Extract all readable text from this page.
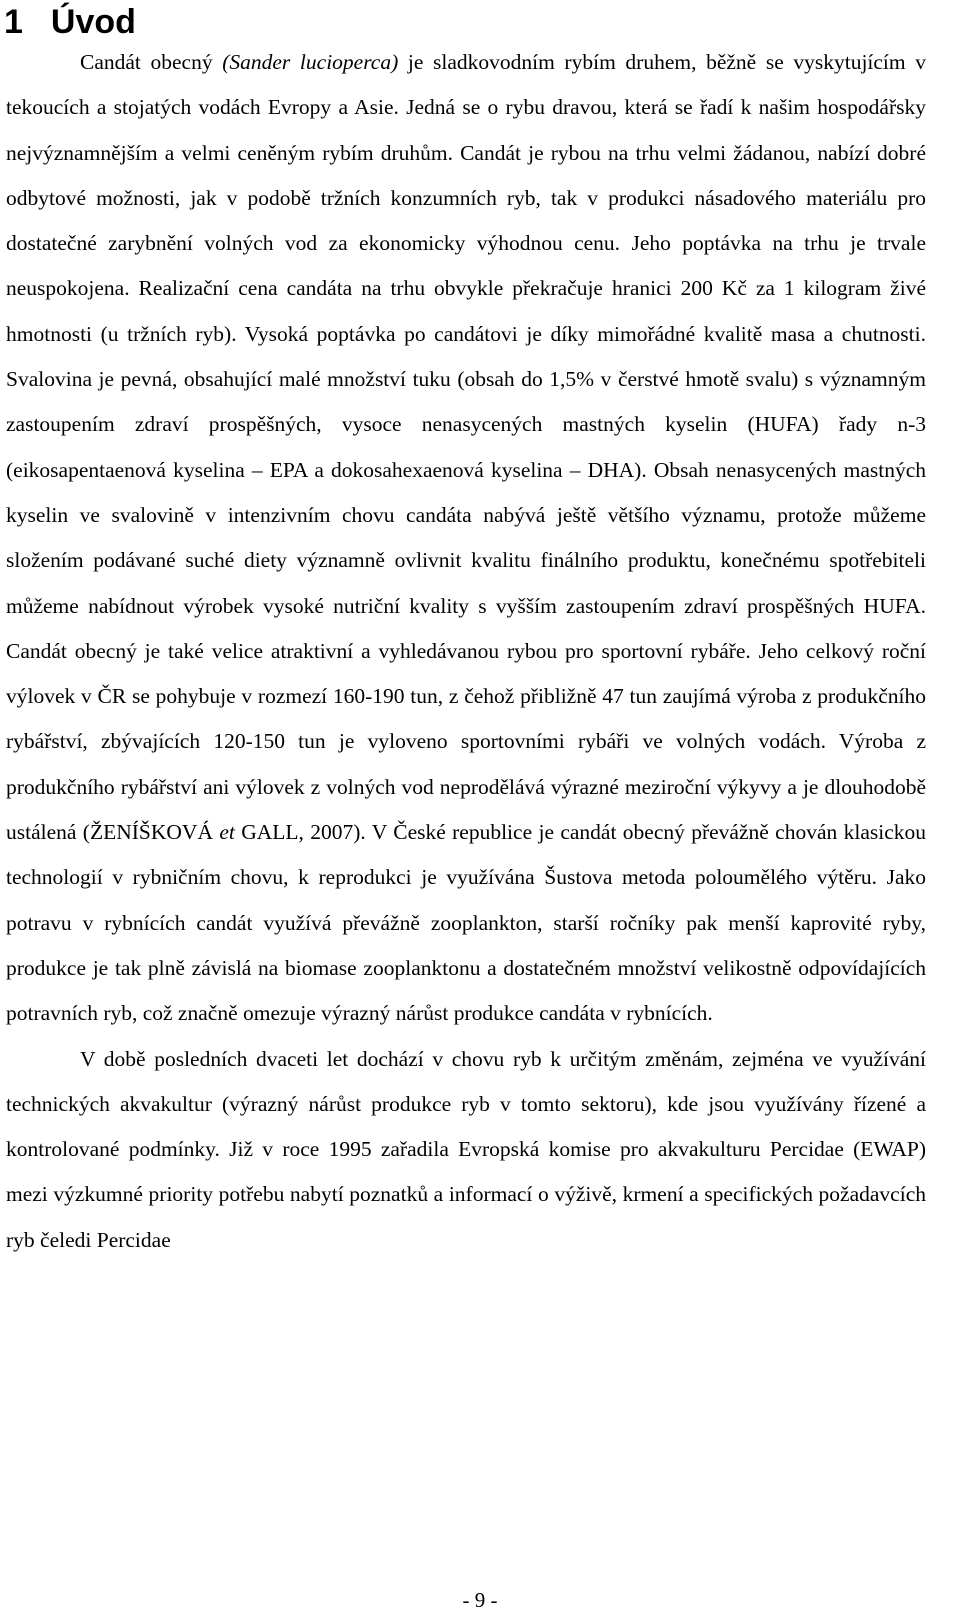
1 Úvod

Candát obecný (Sander lucioperca) je sladkovodním rybím druhem, běžně se vyskytujícím v tekoucích a stojatých vodách Evropy a Asie. Jedná se o rybu dravou, která se řadí k našim hospodářsky nejvýznamnějším a velmi ceněným rybím druhům. Candát je rybou na trhu velmi žádanou, nabízí dobré odbytové možnosti, jak v podobě tržních konzumních ryb, tak v produkci násadového materiálu pro dostatečné zarybnění volných vod za ekonomicky výhodnou cenu. Jeho poptávka na trhu je trvale neuspokojena. Realizační cena candáta na trhu obvykle překračuje hranici 200 Kč za 1 kilogram živé hmotnosti (u tržních ryb). Vysoká poptávka po candátovi je díky mimořádné kvalitě masa a chutnosti. Svalovina je pevná, obsahující malé množství tuku (obsah do 1,5% v čerstvé hmotě svalu) s významným zastoupením zdraví prospěšných, vysoce nenasycených mastných kyselin (HUFA) řady n-3 (eikosapentaenová kyselina – EPA a dokosahexaenová kyselina – DHA). Obsah nenasycených mastných kyselin ve svalovině v intenzivním chovu candáta nabývá ještě většího významu, protože můžeme složením podávané suché diety významně ovlivnit kvalitu finálního produktu, konečnému spotřebiteli můžeme nabídnout výrobek vysoké nutriční kvality s vyšším zastoupením zdraví prospěšných HUFA. Candát obecný je také velice atraktivní a vyhledávanou rybou pro sportovní rybáře. Jeho celkový roční výlovek v ČR se pohybuje v rozmezí 160-190 tun, z čehož přibližně 47 tun zaujímá výroba z produkčního rybářství, zbývajících 120-150 tun je vyloveno sportovními rybáři ve volných vodách. Výroba z produkčního rybářství ani výlovek z volných vod neprodělává výrazné meziroční výkyvy a je dlouhodobě ustálená (ŽENÍŠKOVÁ et GALL, 2007). V České republice je candát obecný převážně chován klasickou technologií v rybničním chovu, k reprodukci je využívána Šustova metoda polouměléhо výtěru. Jako potravu v rybnících candát využívá převážně zooplankton, starší ročníky pak menší kaprovité ryby, produkce je tak plně závislá na biomase zooplanktonu a dostatečném množství velikostně odpovídajících potravních ryb, což značně omezuje výrazný nárůst produkce candáta v rybnících.

V době posledních dvaceti let dochází v chovu ryb k určitým změnám, zejména ve využívání technických akvakultur (výrazný nárůst produkce ryb v tomto sektoru), kde jsou využívány řízené a kontrolované podmínky. Již v roce 1995 zařadila Evropská komise pro akvakulturu Percidae (EWAP) mezi výzkumné priority potřebu nabytí poznatků a informací o výživě, krmení a specifických požadavcích ryb čeledi Percidae

- 9 -
